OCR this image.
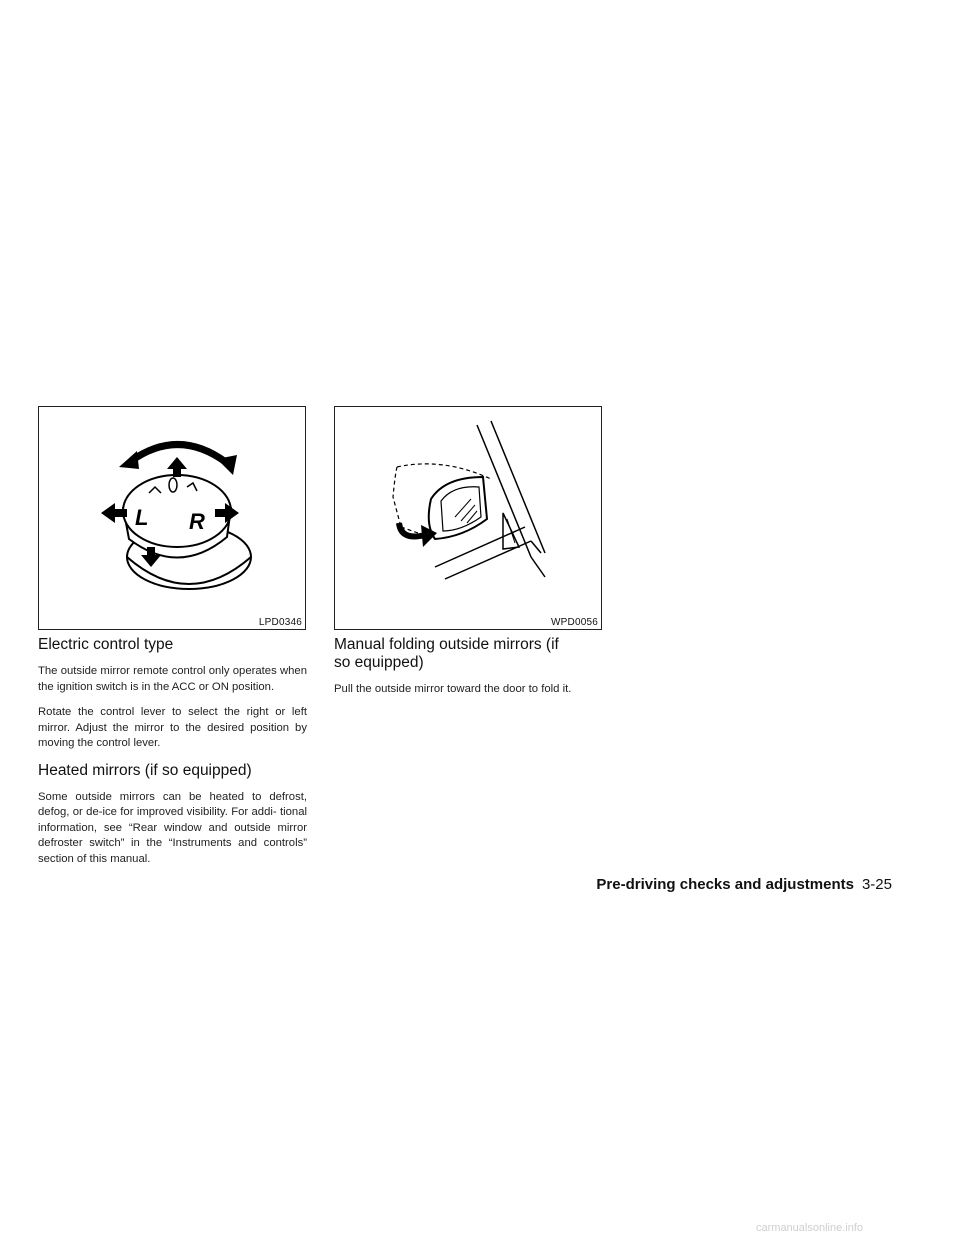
L R
LPD0346	WPD0056
Electric control type

The outside mirror remote control only operates when the ignition switch is in the ACC or ON position.

Rotate the control lever to select the right or left mirror. Adjust the mirror to the desired position by moving the control lever.

Heated mirrors (if so equipped)

Some outside mirrors can be heated to defrost, defog, or de-ice for improved visibility. For addi- tional information, see “Rear window and outside mirror defroster switch” in the “Instruments and controls” section of this manual.

Manual folding outside mirrors (if so equipped)

Pull the outside mirror toward the door to fold it.

Pre-driving checks and adjustments 3-25
carmanualsonline.info
